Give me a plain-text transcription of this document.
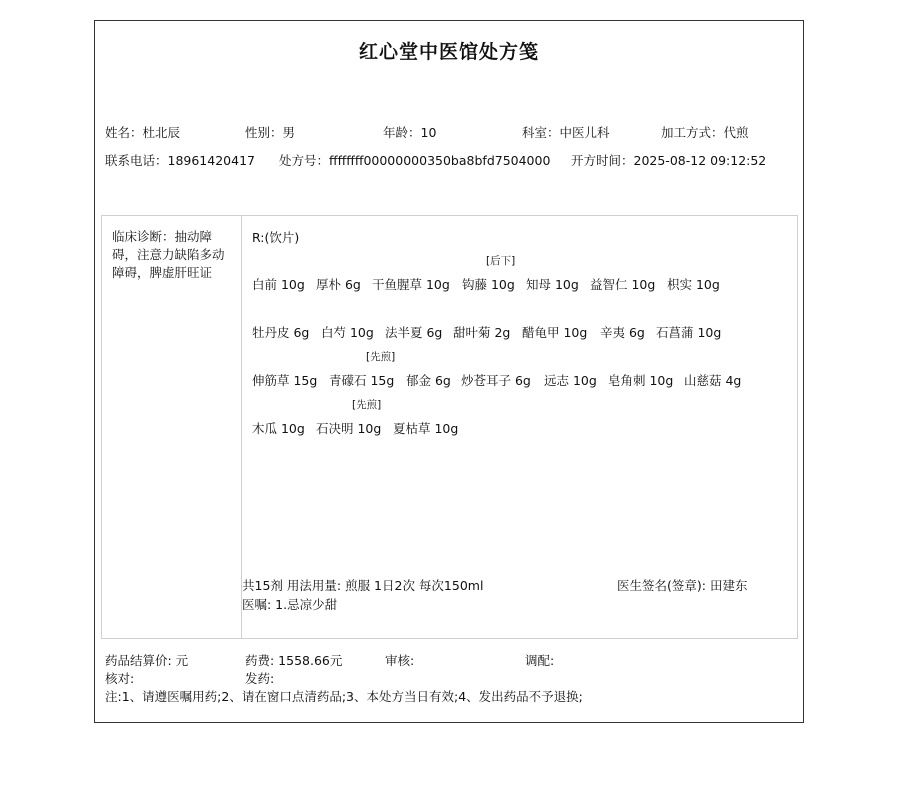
红心堂中医馆处方笺
姓名：杜北辰	性别：男	年龄：10	科室：中医儿科	加工方式：代煎
联系电话：18961420417 处方号：ffffffff00000000350ba8bfd7504000 开方时间：2025-08-12 09:12:52
临床诊断：抽动障碍，注意力缺陷多动障碍，脾虚肝旺证
R:(饮片)
[后下]
白前 10g 厚朴 6g 干鱼腥草 10g 钩藤 10g 知母 10g 益智仁 10g 枳实 10g
牡丹皮 6g 白芍 10g 法半夏 6g 甜叶菊 2g 醋龟甲 10g 辛夷 6g 石菖蒲 10g
[先煎]
伸筋草 15g 青礞石 15g 郁金 6g 炒苍耳子 6g 远志 10g 皂角刺 10g 山慈菇 4g
[先煎]
木瓜 10g 石决明 10g 夏枯草 10g
共15剂 用法用量: 煎服 1日2次 每次150ml	医生签名(签章): 田建东
医嘱: 1.忌凉少甜
药品结算价: 元	药费: 1558.66元	审核:	调配:
核对:	发药:
注:1、请遵医嘱用药;2、请在窗口点清药品;3、本处方当日有效;4、发出药品不予退换;
